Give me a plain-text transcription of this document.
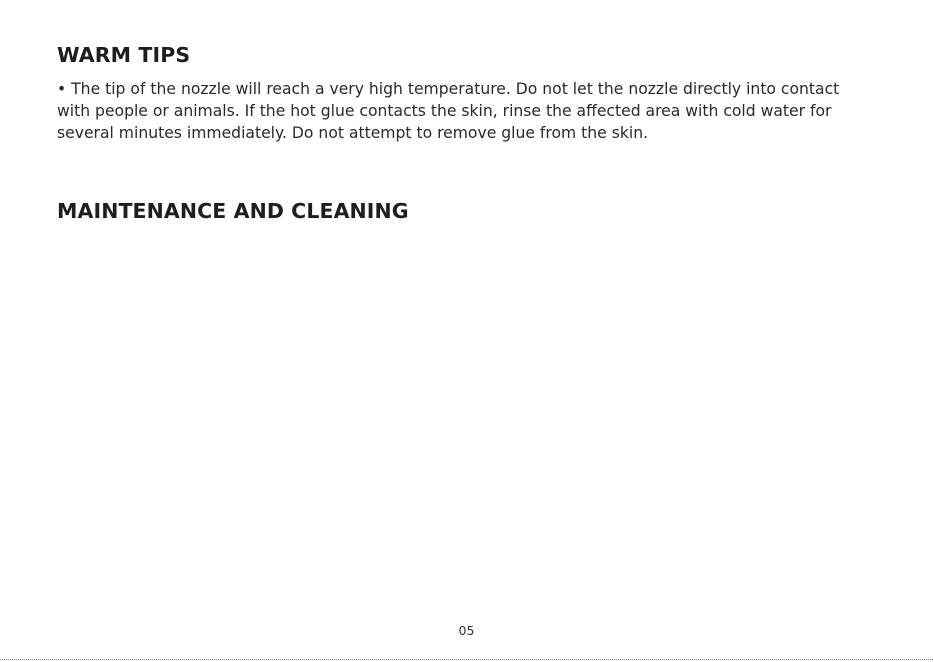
WARM TIPS

• The tip of the nozzle will reach a very high temperature. Do not let the nozzle directly into contact
with people or animals. If the hot glue contacts the skin, rinse the affected area with cold water for
several minutes immediately. Do not attempt to remove glue from the skin.

MAINTENANCE AND CLEANING
05
